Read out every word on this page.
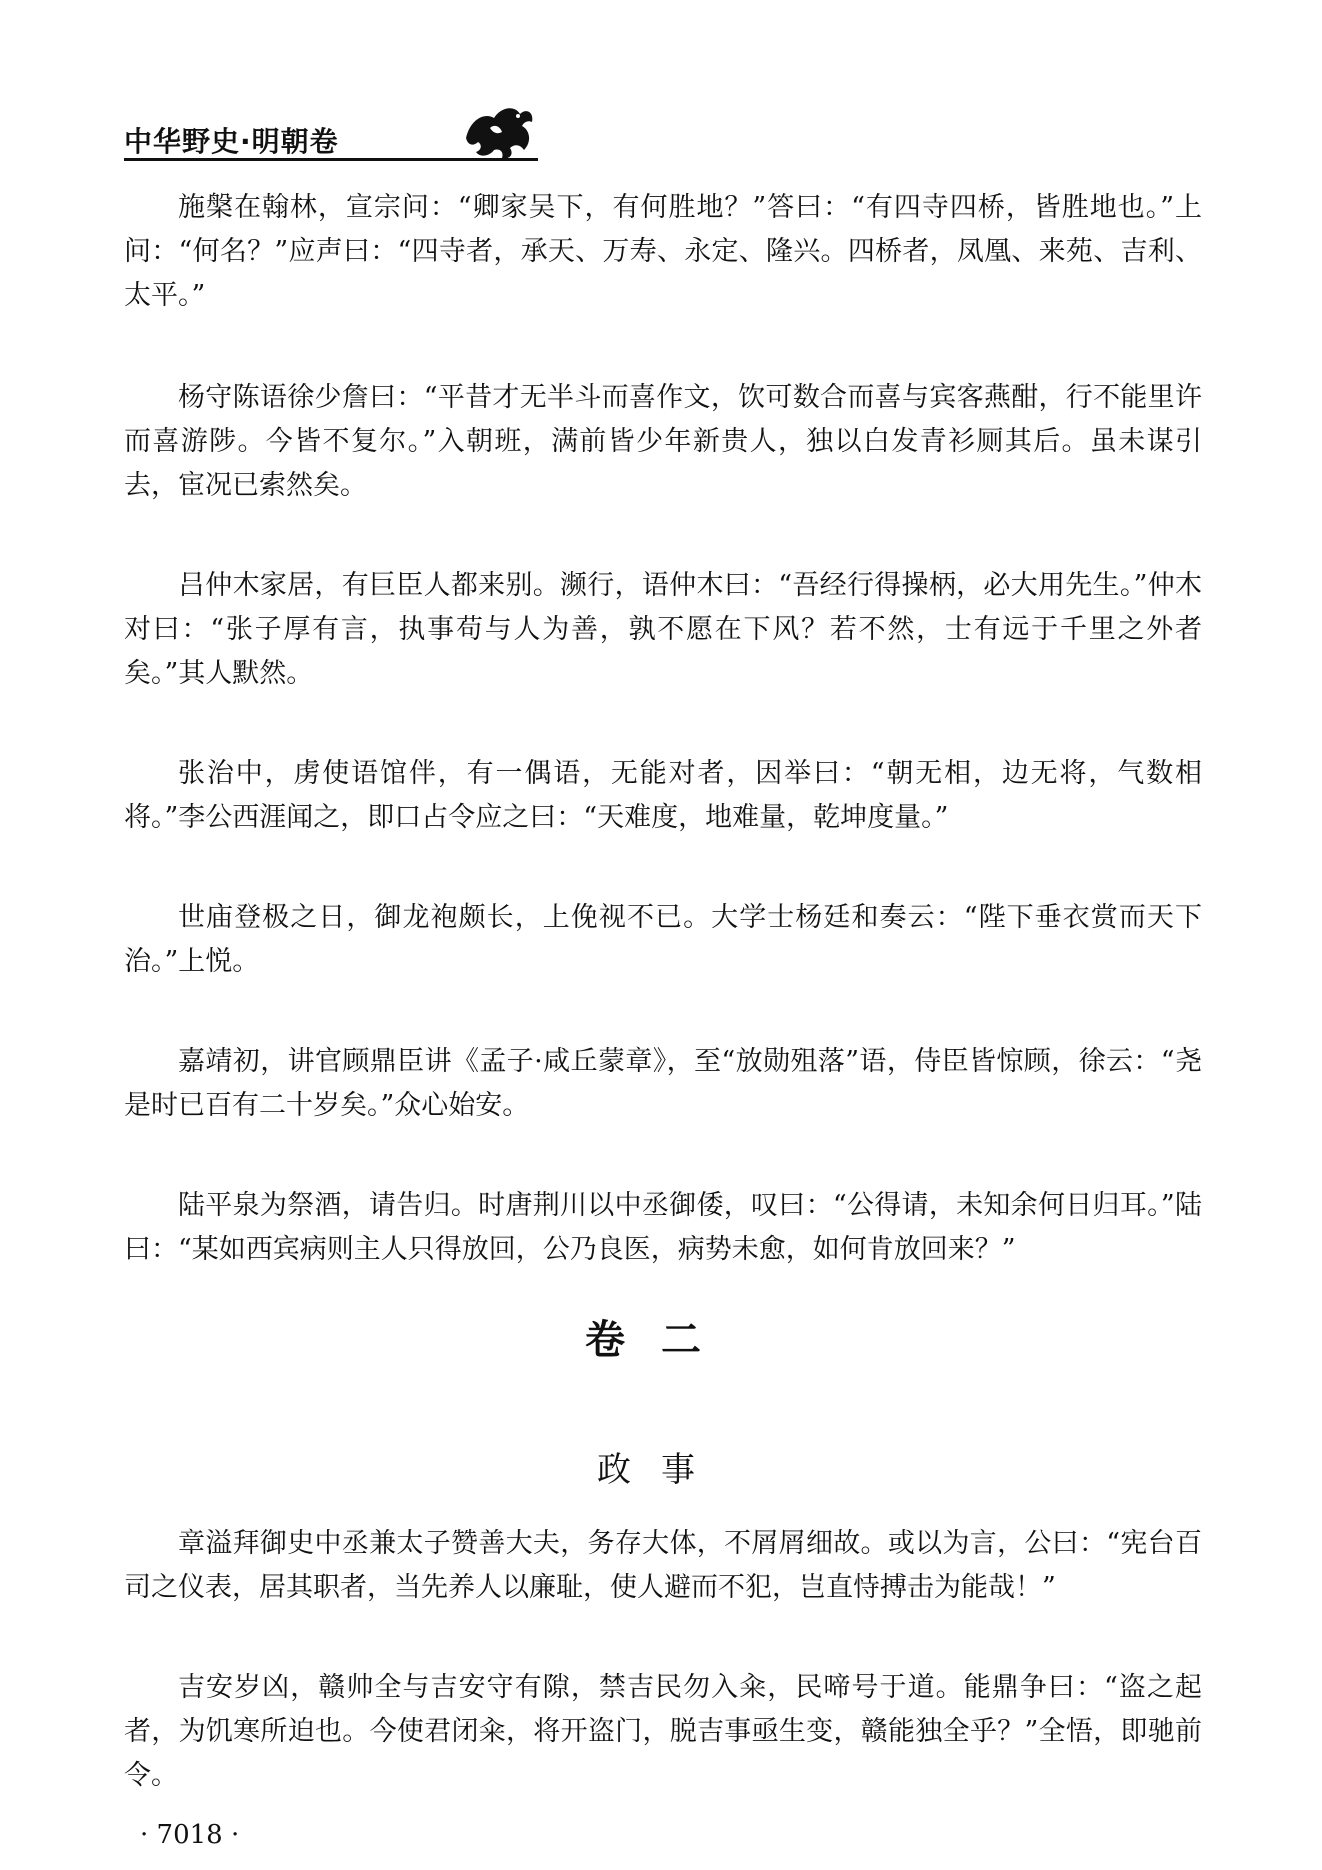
中华野史·明朝卷

施槃在翰林，宣宗问：“卿家吴下，有何胜地？”答曰：“有四寺四桥，皆胜地也。”上问：“何名？”应声曰：“四寺者，承天、万寿、永定、隆兴。四桥者，凤凰、来苑、吉利、太平。”

杨守陈语徐少詹曰：“平昔才无半斗而喜作文，饮可数合而喜与宾客燕酣，行不能里许而喜游陟。今皆不复尔。”入朝班，满前皆少年新贵人，独以白发青衫厕其后。虽未谋引去，宦况已索然矣。

吕仲木家居，有巨臣人都来别。濒行，语仲木曰：“吾经行得操柄，必大用先生。”仲木对曰：“张子厚有言，执事苟与人为善，孰不愿在下风？若不然，士有远于千里之外者矣。”其人默然。

张治中，虏使语馆伴，有一偶语，无能对者，因举曰：“朝无相，边无将，气数相将。”李公西涯闻之，即口占令应之曰：“天难度，地难量，乾坤度量。”

世庙登极之日，御龙袍颇长，上俛视不已。大学士杨廷和奏云：“陛下垂衣赏而天下治。”上悦。

嘉靖初，讲官顾鼎臣讲《孟子·咸丘蒙章》，至“放勋殂落”语，侍臣皆惊顾，徐云：“尧是时已百有二十岁矣。”众心始安。

陆平泉为祭酒，请告归。时唐荆川以中丞御倭，叹曰：“公得请，未知余何日归耳。”陆曰：“某如西宾病则主人只得放回，公乃良医，病势未愈，如何肯放回来？”

卷二
政事

章溢拜御史中丞兼太子赞善大夫，务存大体，不屑屑细故。或以为言，公曰：“宪台百司之仪表，居其职者，当先养人以廉耻，使人避而不犯，岂直恃搏击为能哉！”

吉安岁凶，赣帅全与吉安守有隙，禁吉民勿入籴，民啼号于道。能鼎争曰：“盗之起者，为饥寒所迫也。今使君闭籴，将开盗门，脱吉事亟生变，赣能独全乎？”全悟，即驰前令。

· 7018 ·
